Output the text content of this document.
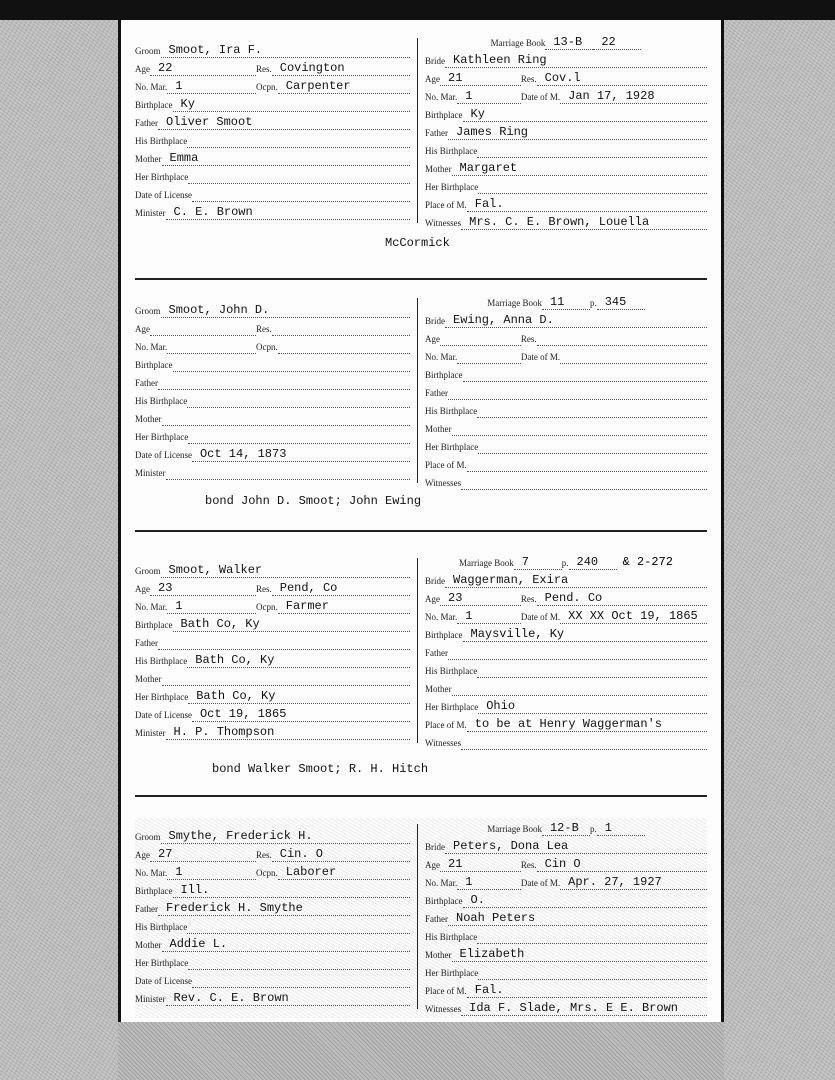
Groom Smoot, Ira F.
Age 22	Res. Covington
No. Mar. 1	Ocpn. Carpenter
Birthplace Ky
Father Oliver Smoot
His Birthplace
Mother Emma
Her Birthplace
Date of License
Minister C. E. Brown
Marriage Book 13-B	22
Bride Kathleen Ring
Age 21	Res. Cov.l
No. Mar. 1	Date of M. Jan 17, 1928
Birthplace Ky
Father James Ring
His Birthplace
Mother Margaret
Her Birthplace
Place of M. Fal.
Witnesses Mrs. C. E. Brown, Louella
McCormick
Groom Smoot, John D.
Age	Res.
No. Mar.	Ocpn.
Birthplace
Father
His Birthplace
Mother
Her Birthplace
Date of License Oct 14, 1873
Minister
Marriage Book 11	p. 345
Bride Ewing, Anna D.
Age	Res.
No. Mar.	Date of M.
Birthplace
Father
His Birthplace
Mother
Her Birthplace
Place of M.
Witnesses
bond John D. Smoot; John Ewing
Groom Smoot, Walker
Age 23	Res. Pend, Co
No. Mar. 1	Ocpn. Farmer
Birthplace Bath Co, Ky
Father
His Birthplace Bath Co, Ky
Mother
Her Birthplace Bath Co, Ky
Date of License Oct 19, 1865
Minister H. P. Thompson
Marriage Book 7	p. 240	& 2-272
Bride Waggerman, Exira
Age 23	Res. Pend. Co
No. Mar. 1	Date of M. XX XX Oct 19, 1865
Birthplace Maysville, Ky
Father
His Birthplace
Mother
Her Birthplace Ohio
Place of M. to be at Henry Waggerman's
Witnesses
bond Walker Smoot; R. H. Hitch
Groom Smythe, Frederick H.
Age 27	Res. Cin. O
No. Mar. 1	Ocpn. Laborer
Birthplace Ill.
Father Frederick H. Smythe
His Birthplace
Mother Addie L.
Her Birthplace
Date of License
Minister Rev. C. E. Brown
Marriage Book 12-B	p. 1
Bride Peters, Dona Lea
Age 21	Res. Cin O
No. Mar. 1	Date of M. Apr. 27, 1927
Birthplace O.
Father Noah Peters
His Birthplace
Mother Elizabeth
Her Birthplace
Place of M. Fal.
Witnesses Ida F. Slade, Mrs. E E. Brown
